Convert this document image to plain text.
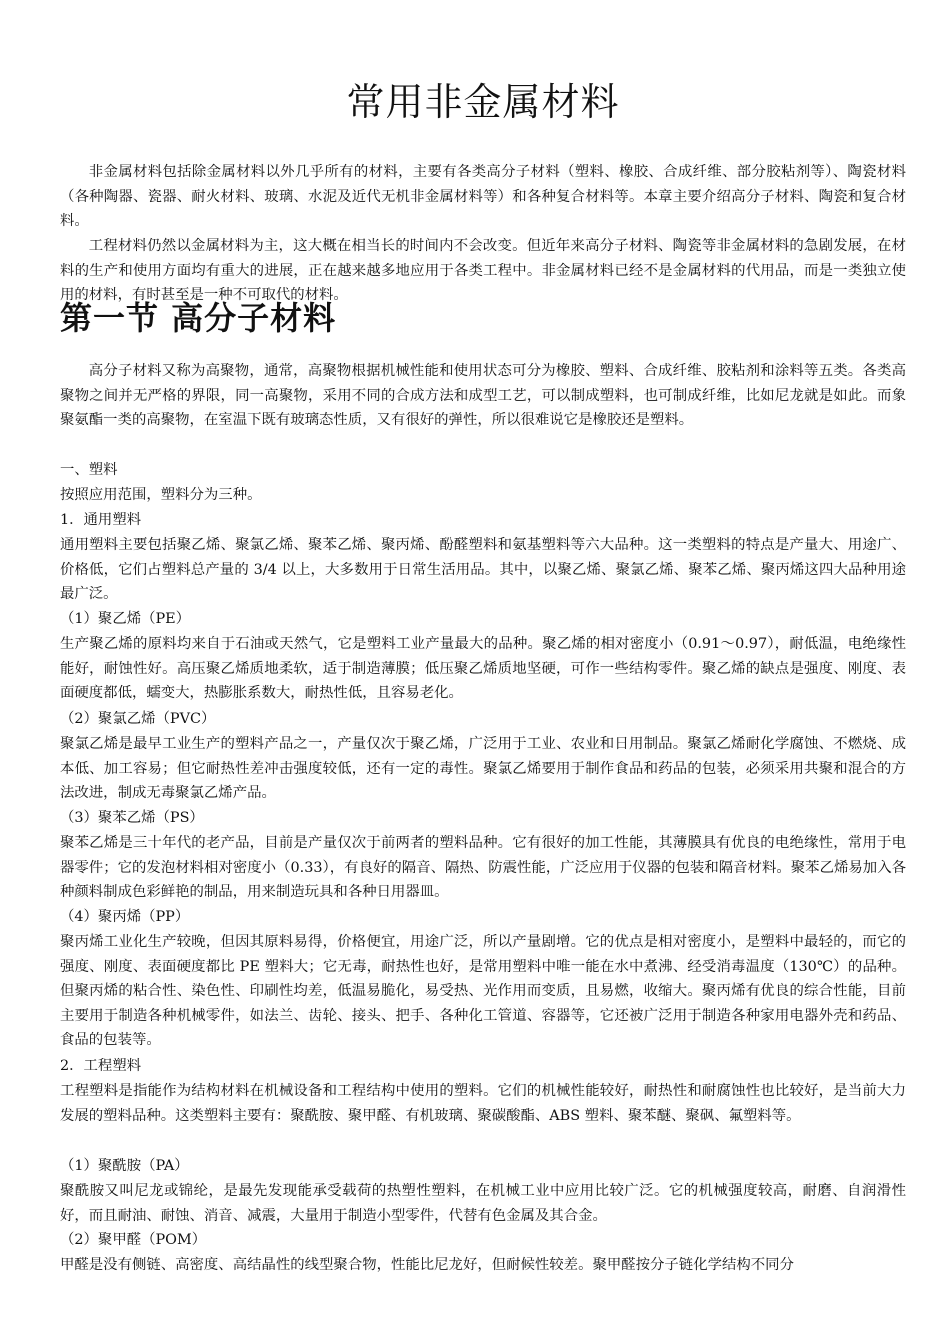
常用非金属材料

非金属材料包括除金属材料以外几乎所有的材料，主要有各类高分子材料（塑料、橡胶、合成纤维、部分胶粘剂等）、陶瓷材料（各种陶器、瓷器、耐火材料、玻璃、水泥及近代无机非金属材料等）和各种复合材料等。本章主要介绍高分子材料、陶瓷和复合材料。

工程材料仍然以金属材料为主，这大概在相当长的时间内不会改变。但近年来高分子材料、陶瓷等非金属材料的急剧发展，在材料的生产和使用方面均有重大的进展，正在越来越多地应用于各类工程中。非金属材料已经不是金属材料的代用品，而是一类独立使用的材料，有时甚至是一种不可取代的材料。

第一节 高分子材料

高分子材料又称为高聚物，通常，高聚物根据机械性能和使用状态可分为橡胶、塑料、合成纤维、胶粘剂和涂料等五类。各类高聚物之间并无严格的界限，同一高聚物，采用不同的合成方法和成型工艺，可以制成塑料，也可制成纤维，比如尼龙就是如此。而象聚氨酯一类的高聚物，在室温下既有玻璃态性质，又有很好的弹性，所以很难说它是橡胶还是塑料。

一、塑料

按照应用范围，塑料分为三种。

1．通用塑料

通用塑料主要包括聚乙烯、聚氯乙烯、聚苯乙烯、聚丙烯、酚醛塑料和氨基塑料等六大品种。这一类塑料的特点是产量大、用途广、价格低，它们占塑料总产量的 3/4 以上，大多数用于日常生活用品。其中，以聚乙烯、聚氯乙烯、聚苯乙烯、聚丙烯这四大品种用途最广泛。

（1）聚乙烯（PE）

生产聚乙烯的原料均来自于石油或天然气，它是塑料工业产量最大的品种。聚乙烯的相对密度小（0.91～0.97），耐低温，电绝缘性能好，耐蚀性好。高压聚乙烯质地柔软，适于制造薄膜；低压聚乙烯质地坚硬，可作一些结构零件。聚乙烯的缺点是强度、刚度、表面硬度都低，蠕变大，热膨胀系数大，耐热性低，且容易老化。

（2）聚氯乙烯（PVC）

聚氯乙烯是最早工业生产的塑料产品之一，产量仅次于聚乙烯，广泛用于工业、农业和日用制品。聚氯乙烯耐化学腐蚀、不燃烧、成本低、加工容易；但它耐热性差冲击强度较低，还有一定的毒性。聚氯乙烯要用于制作食品和药品的包装，必须采用共聚和混合的方法改进，制成无毒聚氯乙烯产品。

（3）聚苯乙烯（PS）

聚苯乙烯是三十年代的老产品，目前是产量仅次于前两者的塑料品种。它有很好的加工性能，其薄膜具有优良的电绝缘性，常用于电器零件；它的发泡材料相对密度小（0.33），有良好的隔音、隔热、防震性能，广泛应用于仪器的包装和隔音材料。聚苯乙烯易加入各种颜料制成色彩鲜艳的制品，用来制造玩具和各种日用器皿。

（4）聚丙烯（PP）

聚丙烯工业化生产较晚，但因其原料易得，价格便宜，用途广泛，所以产量剧增。它的优点是相对密度小，是塑料中最轻的，而它的强度、刚度、表面硬度都比 PE 塑料大；它无毒，耐热性也好，是常用塑料中唯一能在水中煮沸、经受消毒温度（130℃）的品种。但聚丙烯的粘合性、染色性、印刷性均差，低温易脆化，易受热、光作用而变质，且易燃，收缩大。聚丙烯有优良的综合性能，目前主要用于制造各种机械零件，如法兰、齿轮、接头、把手、各种化工管道、容器等，它还被广泛用于制造各种家用电器外壳和药品、食品的包装等。

2．工程塑料

工程塑料是指能作为结构材料在机械设备和工程结构中使用的塑料。它们的机械性能较好，耐热性和耐腐蚀性也比较好，是当前大力发展的塑料品种。这类塑料主要有：聚酰胺、聚甲醛、有机玻璃、聚碳酸酯、ABS 塑料、聚苯醚、聚砜、氟塑料等。

（1）聚酰胺（PA）

聚酰胺又叫尼龙或锦纶，是最先发现能承受载荷的热塑性塑料，在机械工业中应用比较广泛。它的机械强度较高，耐磨、自润滑性好，而且耐油、耐蚀、消音、减震，大量用于制造小型零件，代替有色金属及其合金。

（2）聚甲醛（POM）

甲醛是没有侧链、高密度、高结晶性的线型聚合物，性能比尼龙好，但耐候性较差。聚甲醛按分子链化学结构不同分
